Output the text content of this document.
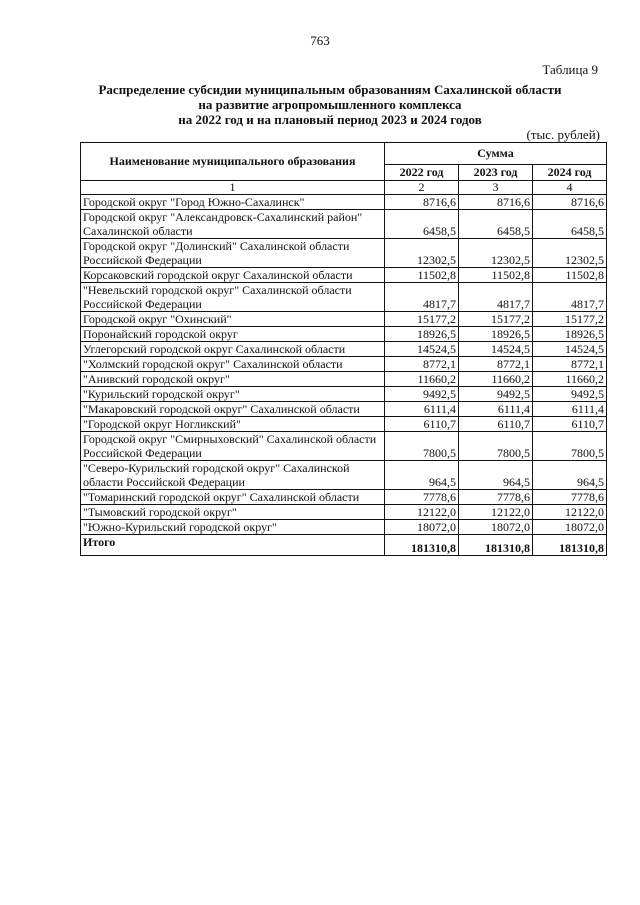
763
Таблица 9
Распределение субсидии муниципальным образованиям Сахалинской области
на развитие агропромышленного комплекса
на 2022 год и на плановый период 2023 и 2024 годов
(тыс. рублей)
Наименование муниципального образования	Сумма		
	2022 год	2023 год	2024 год
1	2	3	4
Городской округ "Город Южно-Сахалинск"	8716,6	8716,6	8716,6
Городской округ "Александровск-Сахалинский район" Сахалинской области	6458,5	6458,5	6458,5
Городской округ "Долинский" Сахалинской области Российской Федерации	12302,5	12302,5	12302,5
Корсаковский городской округ Сахалинской области	11502,8	11502,8	11502,8
"Невельский городской округ" Сахалинской области Российской Федерации	4817,7	4817,7	4817,7
Городской округ "Охинский"	15177,2	15177,2	15177,2
Поронайский городской округ	18926,5	18926,5	18926,5
Углегорский городской округ Сахалинской области	14524,5	14524,5	14524,5
"Холмский городской округ" Сахалинской области	8772,1	8772,1	8772,1
"Анивский городской округ"	11660,2	11660,2	11660,2
"Курильский городской округ"	9492,5	9492,5	9492,5
"Макаровский городской округ" Сахалинской области	6111,4	6111,4	6111,4
"Городской округ Ногликский"	6110,7	6110,7	6110,7
Городской округ "Смирныховский" Сахалинской области Российской Федерации	7800,5	7800,5	7800,5
"Северо-Курильский городской округ" Сахалинской области Российской Федерации	964,5	964,5	964,5
"Томаринский городской округ" Сахалинской области	7778,6	7778,6	7778,6
"Тымовский городской округ"	12122,0	12122,0	12122,0
"Южно-Курильский городской округ"	18072,0	18072,0	18072,0
Итого	181310,8	181310,8	181310,8
